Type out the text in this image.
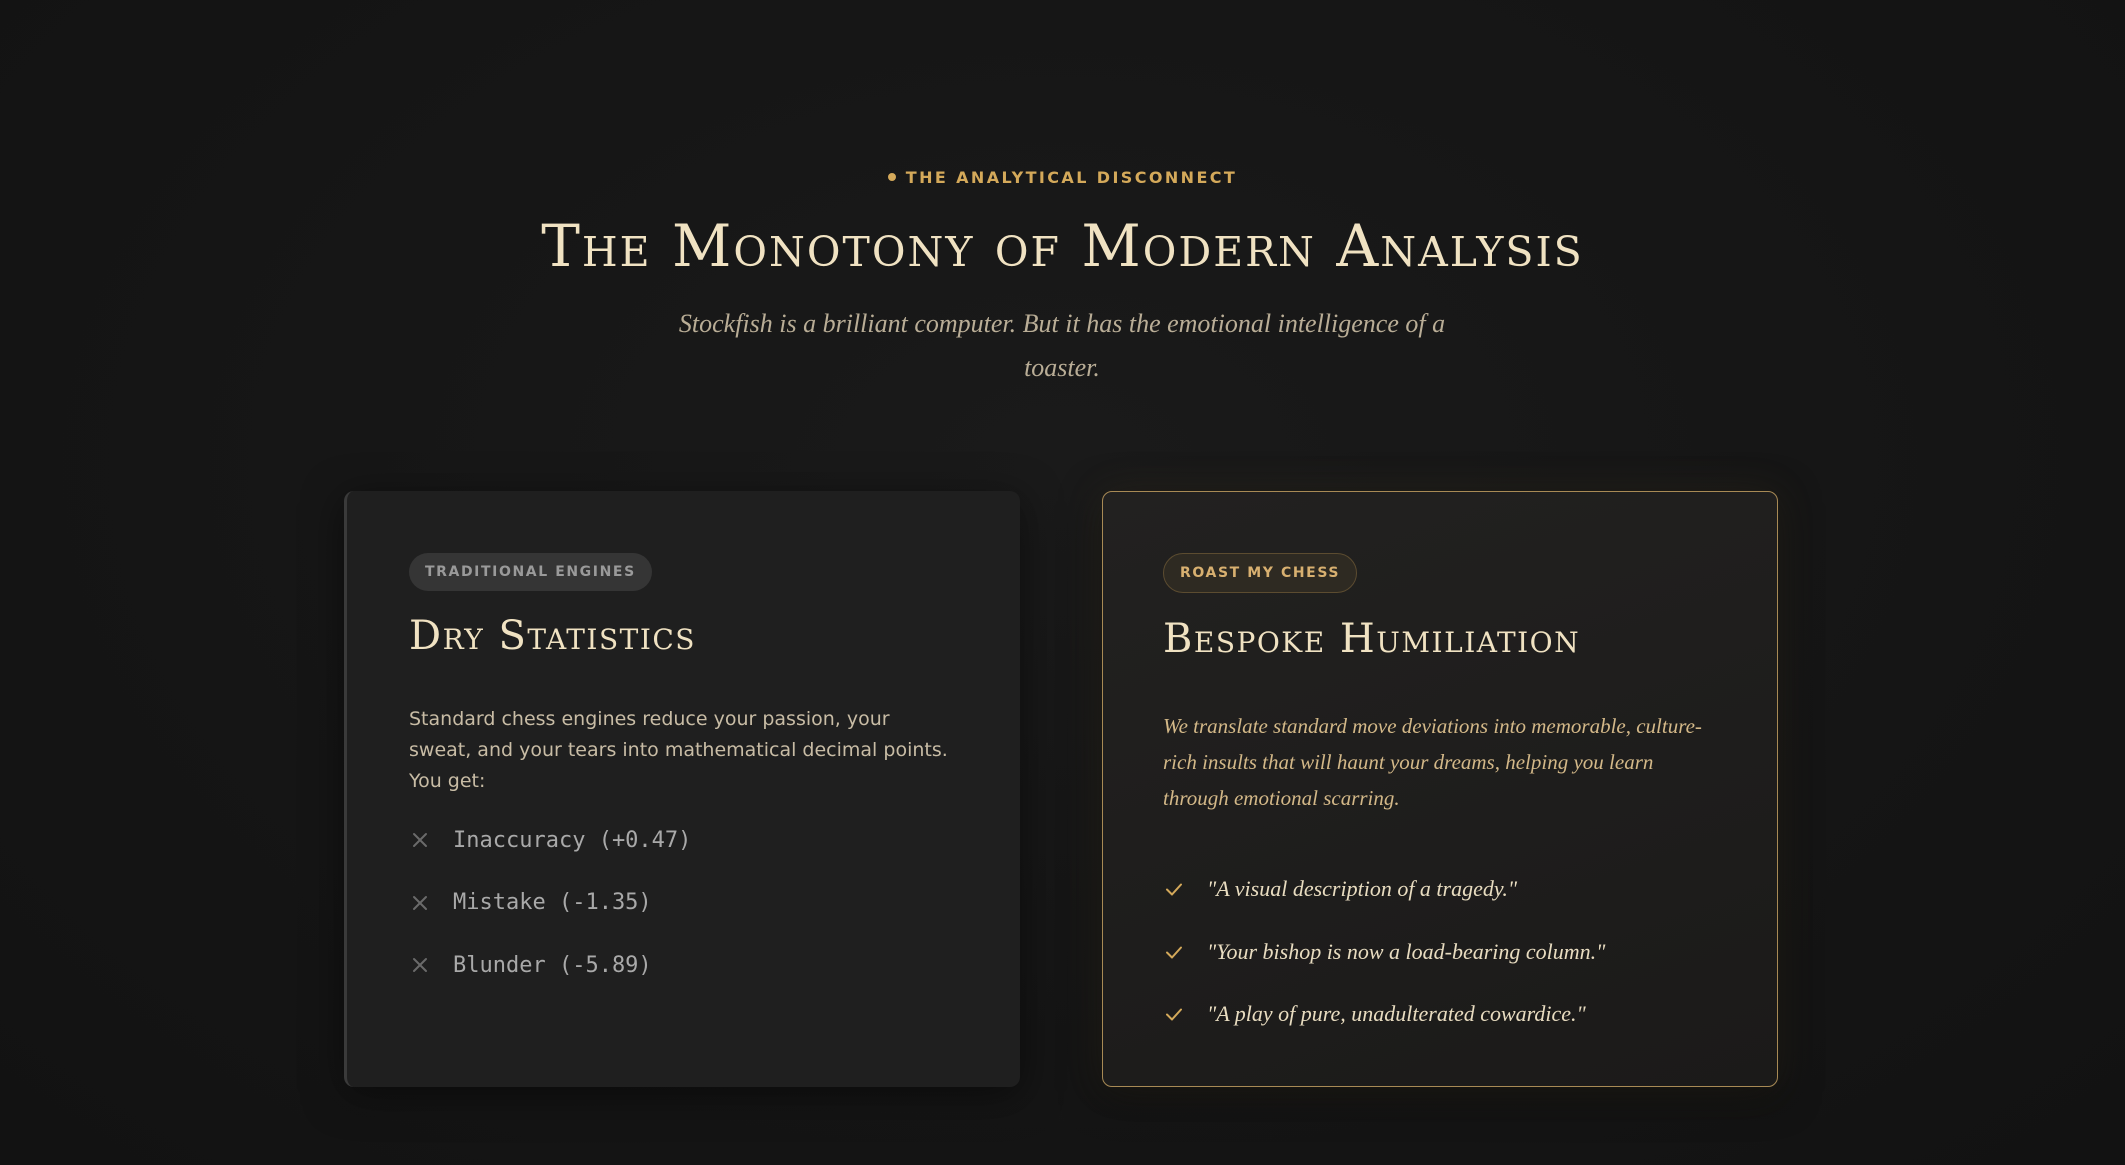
THE ANALYTICAL DISCONNECT
The Monotony of Modern Analysis

Stockfish is a brilliant computer. But it has the emotional intelligence of a toaster.

TRADITIONAL ENGINES
Dry Statistics

Standard chess engines reduce your passion, your sweat, and your tears into mathematical decimal points. You get:

Inaccuracy (+0.47)
Mistake (-1.35)
Blunder (-5.89)
ROAST MY CHESS
Bespoke Humiliation

We translate standard move deviations into memorable, culture-rich insults that will haunt your dreams, helping you learn through emotional scarring.

"A visual description of a tragedy."
"Your bishop is now a load-bearing column."
"A play of pure, unadulterated cowardice."
